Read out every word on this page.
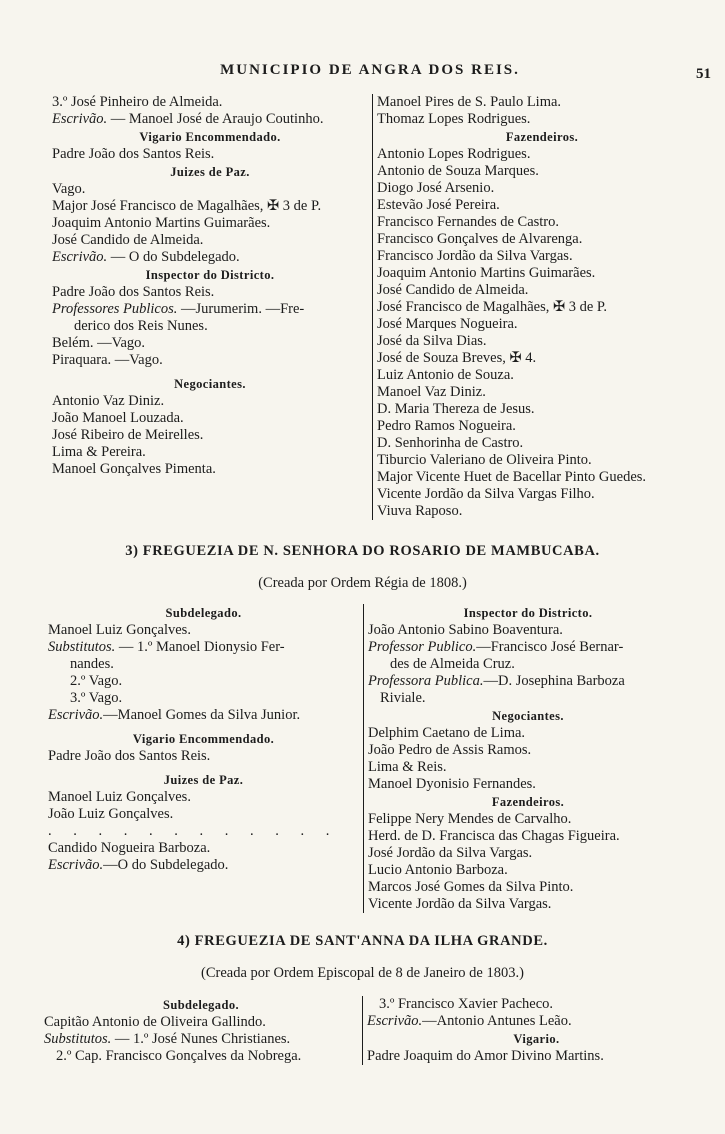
MUNICIPIO DE ANGRA DOS REIS.	51
3.º José Pinheiro de Almeida.
Escrivão. — Manoel José de Araujo Coutinho.
Vigario Encommendado.
Padre João dos Santos Reis.
Juizes de Paz.
Vago.
Major José Francisco de Magalhães, ✠ 3 de P.
Joaquim Antonio Martins Guimarães.
José Candido de Almeida.
Escrivão. — O do Subdelegado.
Inspector do Districto.
Padre João dos Santos Reis.
Professores Publicos. —Jurumerim. —Fre-
derico dos Reis Nunes.
Belém. —Vago.
Piraquara. —Vago.
Negociantes.
Antonio Vaz Diniz.
João Manoel Louzada.
José Ribeiro de Meirelles.
Lima & Pereira.
Manoel Gonçalves Pimenta.
Manoel Pires de S. Paulo Lima.
Thomaz Lopes Rodrigues.
Fazendeiros.
Antonio Lopes Rodrigues.
Antonio de Souza Marques.
Diogo José Arsenio.
Estevão José Pereira.
Francisco Fernandes de Castro.
Francisco Gonçalves de Alvarenga.
Francisco Jordão da Silva Vargas.
Joaquim Antonio Martins Guimarães.
José Candido de Almeida.
José Francisco de Magalhães, ✠ 3 de P.
José Marques Nogueira.
José da Silva Dias.
José de Souza Breves, ✠ 4.
Luiz Antonio de Souza.
Manoel Vaz Diniz.
D. Maria Thereza de Jesus.
Pedro Ramos Nogueira.
D. Senhorinha de Castro.
Tiburcio Valeriano de Oliveira Pinto.
Major Vicente Huet de Bacellar Pinto Guedes.
Vicente Jordão da Silva Vargas Filho.
Viuva Raposo.
3) FREGUEZIA DE N. SENHORA DO ROSARIO DE MAMBUCABA.
(Creada por Ordem Régia de 1808.)
Subdelegado.
Manoel Luiz Gonçalves.
Substitutos. — 1.º Manoel Dionysio Fer-
nandes.
2.º Vago.
3.º Vago.
Escrivão.—Manoel Gomes da Silva Junior.
Vigario Encommendado.
Padre João dos Santos Reis.
Juizes de Paz.
Manoel Luiz Gonçalves.
João Luiz Gonçalves.
. . . . . . . . . . . .
Candido Nogueira Barboza.
Escrivão.—O do Subdelegado.
Inspector do Districto.
João Antonio Sabino Boaventura.
Professor Publico.—Francisco José Bernar-
des de Almeida Cruz.
Professora Publica.—D. Josephina Barboza
Riviale.
Negociantes.
Delphim Caetano de Lima.
João Pedro de Assis Ramos.
Lima & Reis.
Manoel Dyonisio Fernandes.
Fazendeiros.
Felippe Nery Mendes de Carvalho.
Herd. de D. Francisca das Chagas Figueira.
José Jordão da Silva Vargas.
Lucio Antonio Barboza.
Marcos José Gomes da Silva Pinto.
Vicente Jordão da Silva Vargas.
4) FREGUEZIA DE SANT'ANNA DA ILHA GRANDE.
(Creada por Ordem Episcopal de 8 de Janeiro de 1803.)
Subdelegado.
Capitão Antonio de Oliveira Gallindo.
Substitutos. — 1.º José Nunes Christianes.
2.º Cap. Francisco Gonçalves da Nobrega.
3.º Francisco Xavier Pacheco.
Escrivão.—Antonio Antunes Leão.
Vigario.
Padre Joaquim do Amor Divino Martins.
